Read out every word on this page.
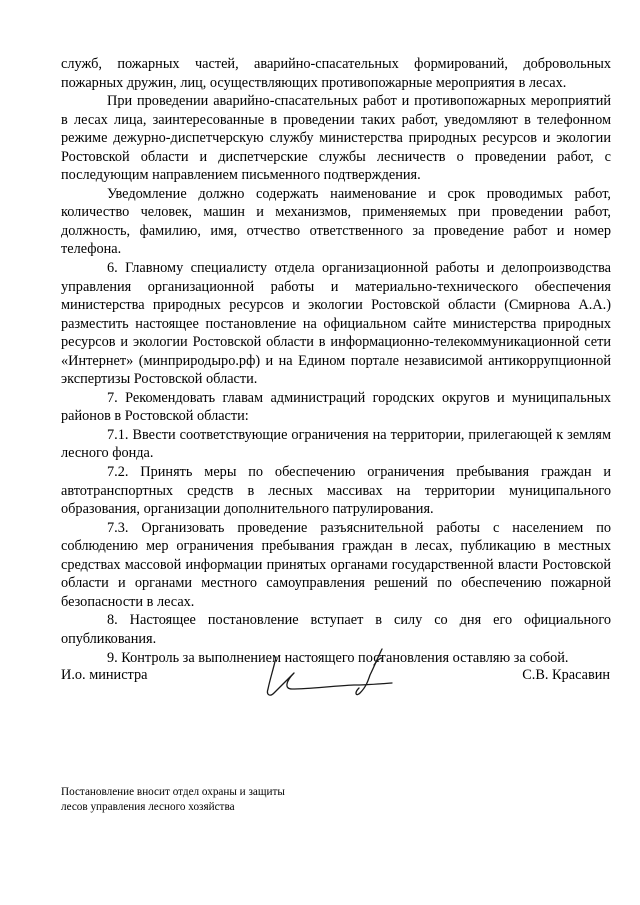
служб, пожарных частей, аварийно-спасательных формирований, добровольных пожарных дружин, лиц, осуществляющих противопожарные мероприятия в лесах.

При проведении аварийно-спасательных работ и противопожарных мероприятий в лесах лица, заинтересованные в проведении таких работ, уведомляют в телефонном режиме дежурно-диспетчерскую службу министерства природных ресурсов и экологии Ростовской области и диспетчерские службы лесничеств о проведении работ, с последующим направлением письменного подтверждения.

Уведомление должно содержать наименование и срок проводимых работ, количество человек, машин и механизмов, применяемых при проведении работ, должность, фамилию, имя, отчество ответственного за проведение работ и номер телефона.

6. Главному специалисту отдела организационной работы и делопроизводства управления организационной работы и материально-технического обеспечения министерства природных ресурсов и экологии Ростовской области (Смирнова А.А.) разместить настоящее постановление на официальном сайте министерства природных ресурсов и экологии Ростовской области в информационно-телекоммуникационной сети «Интернет» (минприродыро.рф) и на Едином портале независимой антикоррупционной экспертизы Ростовской области.

7. Рекомендовать главам администраций городских округов и муниципальных районов в Ростовской области:

7.1. Ввести соответствующие ограничения на территории, прилегающей к землям лесного фонда.

7.2. Принять меры по обеспечению ограничения пребывания граждан и автотранспортных средств в лесных массивах на территории муниципального образования, организации дополнительного патрулирования.

7.3. Организовать проведение разъяснительной работы с населением по соблюдению мер ограничения пребывания граждан в лесах, публикацию в местных средствах массовой информации принятых органами государственной власти Ростовской области и органами местного самоуправления решений по обеспечению пожарной безопасности в лесах.

8. Настоящее постановление вступает в силу со дня его официального опубликования.

9. Контроль за выполнением настоящего постановления оставляю за собой.

И.о. министра	С.В. Красавин
Постановление вносит отдел охраны и защиты
лесов управления лесного хозяйства
